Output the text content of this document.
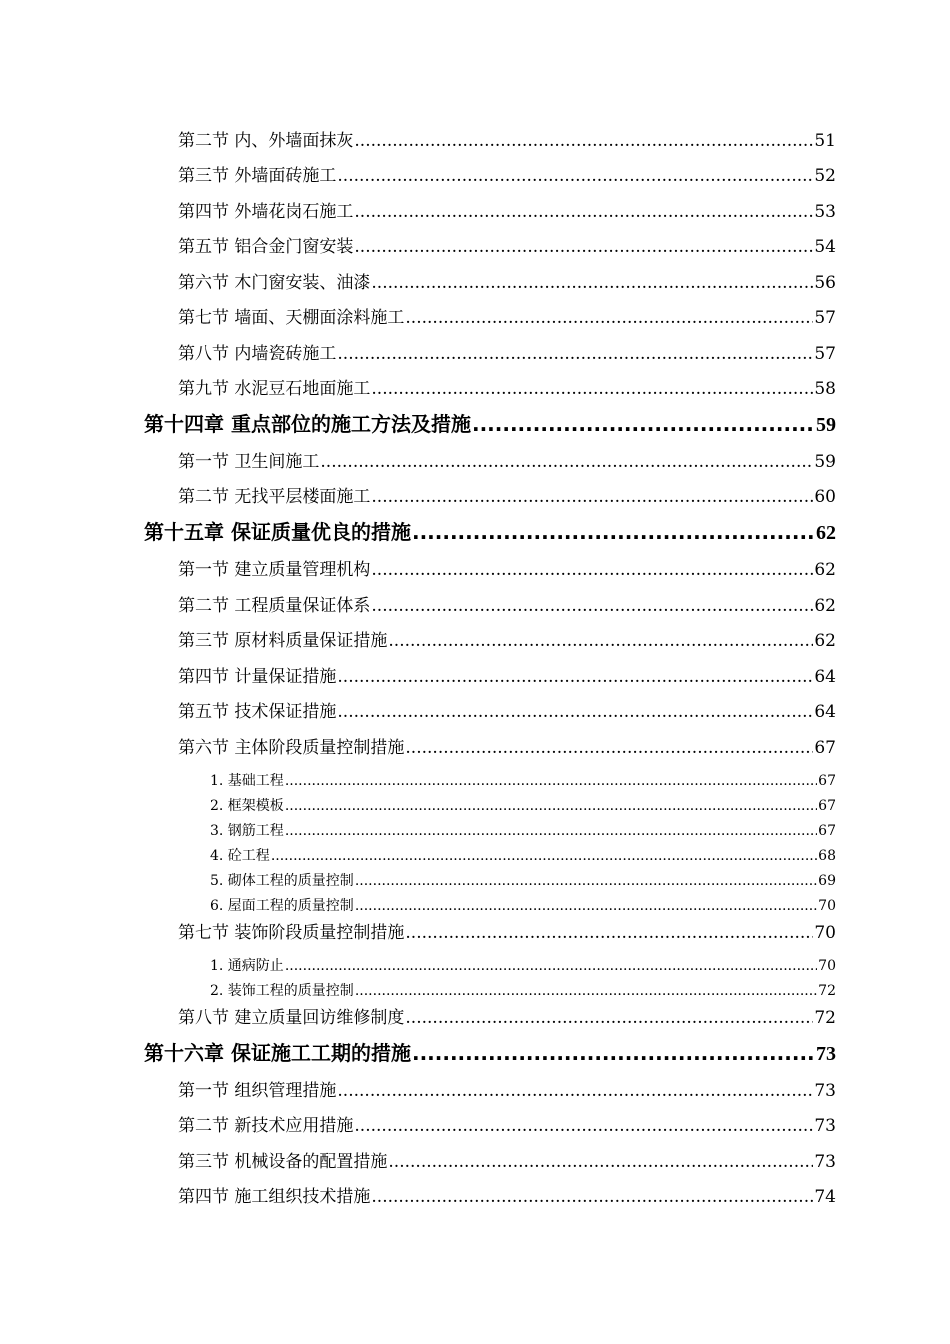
第二节 内、外墙面抹灰 .....	51
第三节 外墙面砖施工 .....	52
第四节 外墙花岗石施工 .....	53
第五节 铝合金门窗安装 .....	54
第六节 木门窗安装、油漆 .....	56
第七节 墙面、天棚面涂料施工 .....	57
第八节 内墙瓷砖施工 .....	57
第九节 水泥豆石地面施工 .....	58
第十四章 重点部位的施工方法及措施 .....	59
第一节 卫生间施工 .....	59
第二节 无找平层楼面施工 .....	60
第十五章 保证质量优良的措施 .....	62
第一节 建立质量管理机构 .....	62
第二节 工程质量保证体系 .....	62
第三节 原材料质量保证措施 .....	62
第四节 计量保证措施 .....	64
第五节 技术保证措施 .....	64
第六节 主体阶段质量控制措施 .....	67
1. 基础工程 .....	67
2. 框架模板 .....	67
3. 钢筋工程 .....	67
4. 砼工程 .....	68
5. 砌体工程的质量控制 .....	69
6. 屋面工程的质量控制 .....	70
第七节 装饰阶段质量控制措施 .....	70
1. 通病防止 .....	70
2. 装饰工程的质量控制 .....	72
第八节 建立质量回访维修制度 .....	72
第十六章 保证施工工期的措施 .....	73
第一节 组织管理措施 .....	73
第二节 新技术应用措施 .....	73
第三节 机械设备的配置措施 .....	73
第四节 施工组织技术措施 .....	74
